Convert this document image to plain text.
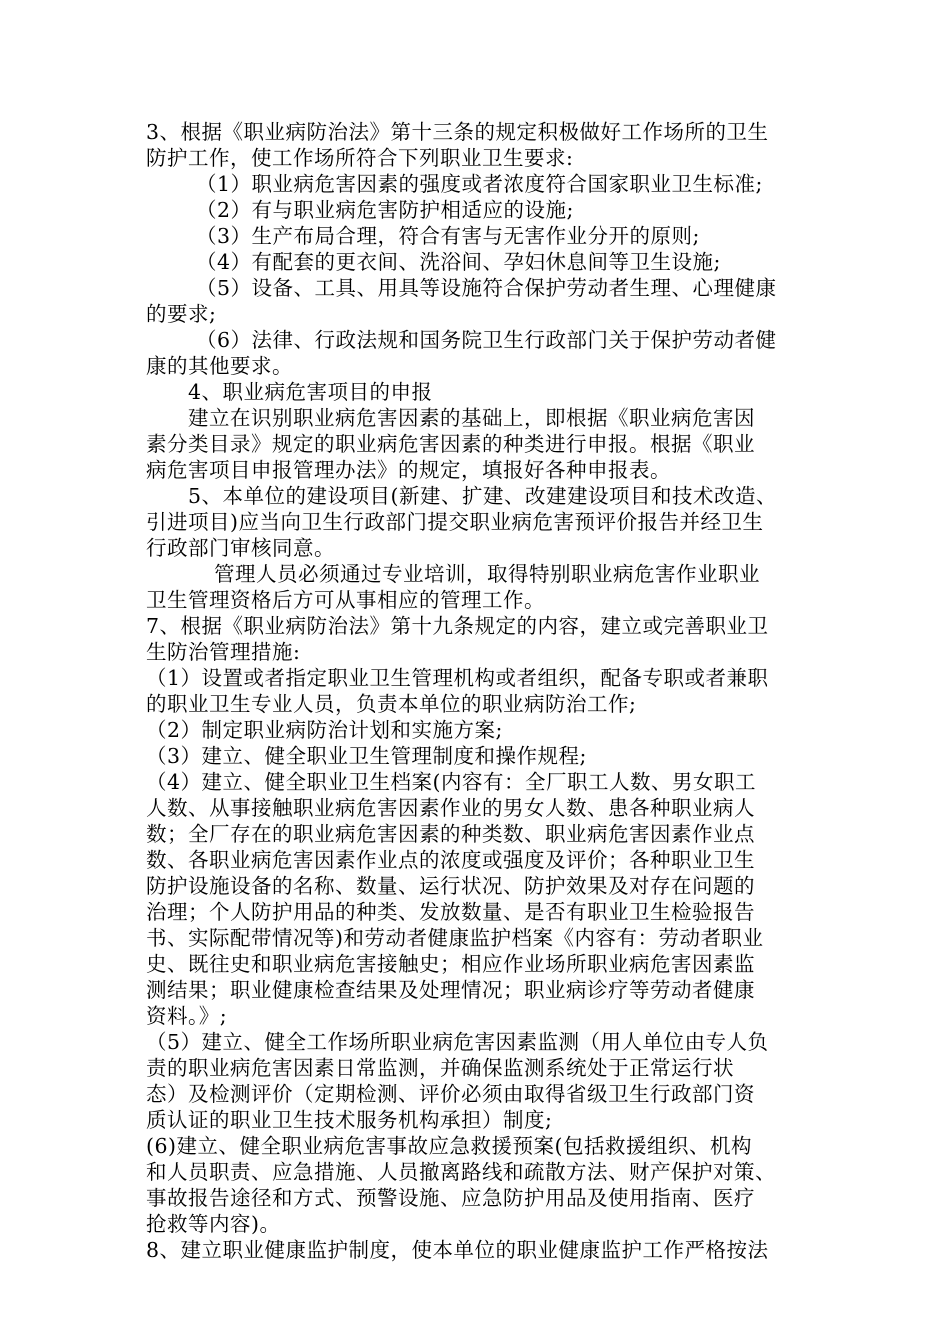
3、根据《职业病防治法》第十三条的规定积极做好工作场所的卫生
防护工作，使工作场所符合下列职业卫生要求:
（1）职业病危害因素的强度或者浓度符合国家职业卫生标准;
（2）有与职业病危害防护相适应的设施;
（3）生产布局合理，符合有害与无害作业分开的原则;
（4）有配套的更衣间、洗浴间、孕妇休息间等卫生设施;
（5）设备、工具、用具等设施符合保护劳动者生理、心理健康
的要求;
（6）法律、行政法规和国务院卫生行政部门关于保护劳动者健
康的其他要求。
4、职业病危害项目的申报
建立在识别职业病危害因素的基础上，即根据《职业病危害因
素分类目录》规定的职业病危害因素的种类进行申报。根据《职业
病危害项目申报管理办法》的规定，填报好各种申报表。
5、本单位的建设项目(新建、扩建、改建建设项目和技术改造、
引进项目)应当向卫生行政部门提交职业病危害预评价报告并经卫生
行政部门审核同意。
管理人员必须通过专业培训，取得特别职业病危害作业职业
卫生管理资格后方可从事相应的管理工作。
7、根据《职业病防治法》第十九条规定的内容，建立或完善职业卫
生防治管理措施:
（1）设置或者指定职业卫生管理机构或者组织，配备专职或者兼职
的职业卫生专业人员，负责本单位的职业病防治工作;
（2）制定职业病防治计划和实施方案;
（3）建立、健全职业卫生管理制度和操作规程;
（4）建立、健全职业卫生档案(内容有：全厂职工人数、男女职工
人数、从事接触职业病危害因素作业的男女人数、患各种职业病人
数；全厂存在的职业病危害因素的种类数、职业病危害因素作业点
数、各职业病危害因素作业点的浓度或强度及评价；各种职业卫生
防护设施设备的名称、数量、运行状况、防护效果及对存在问题的
治理；个人防护用品的种类、发放数量、是否有职业卫生检验报告
书、实际配带情况等)和劳动者健康监护档案《内容有：劳动者职业
史、既往史和职业病危害接触史；相应作业场所职业病危害因素监
测结果；职业健康检查结果及处理情况；职业病诊疗等劳动者健康
资料。》;
（5）建立、健全工作场所职业病危害因素监测（用人单位由专人负
责的职业病危害因素日常监测，并确保监测系统处于正常运行状
态）及检测评价（定期检测、评价必须由取得省级卫生行政部门资
质认证的职业卫生技术服务机构承担）制度;
(6)建立、健全职业病危害事故应急救援预案(包括救援组织、机构
和人员职责、应急措施、人员撤离路线和疏散方法、财产保护对策、
事故报告途径和方式、预警设施、应急防护用品及使用指南、医疗
抢救等内容)。
8、建立职业健康监护制度，使本单位的职业健康监护工作严格按法
